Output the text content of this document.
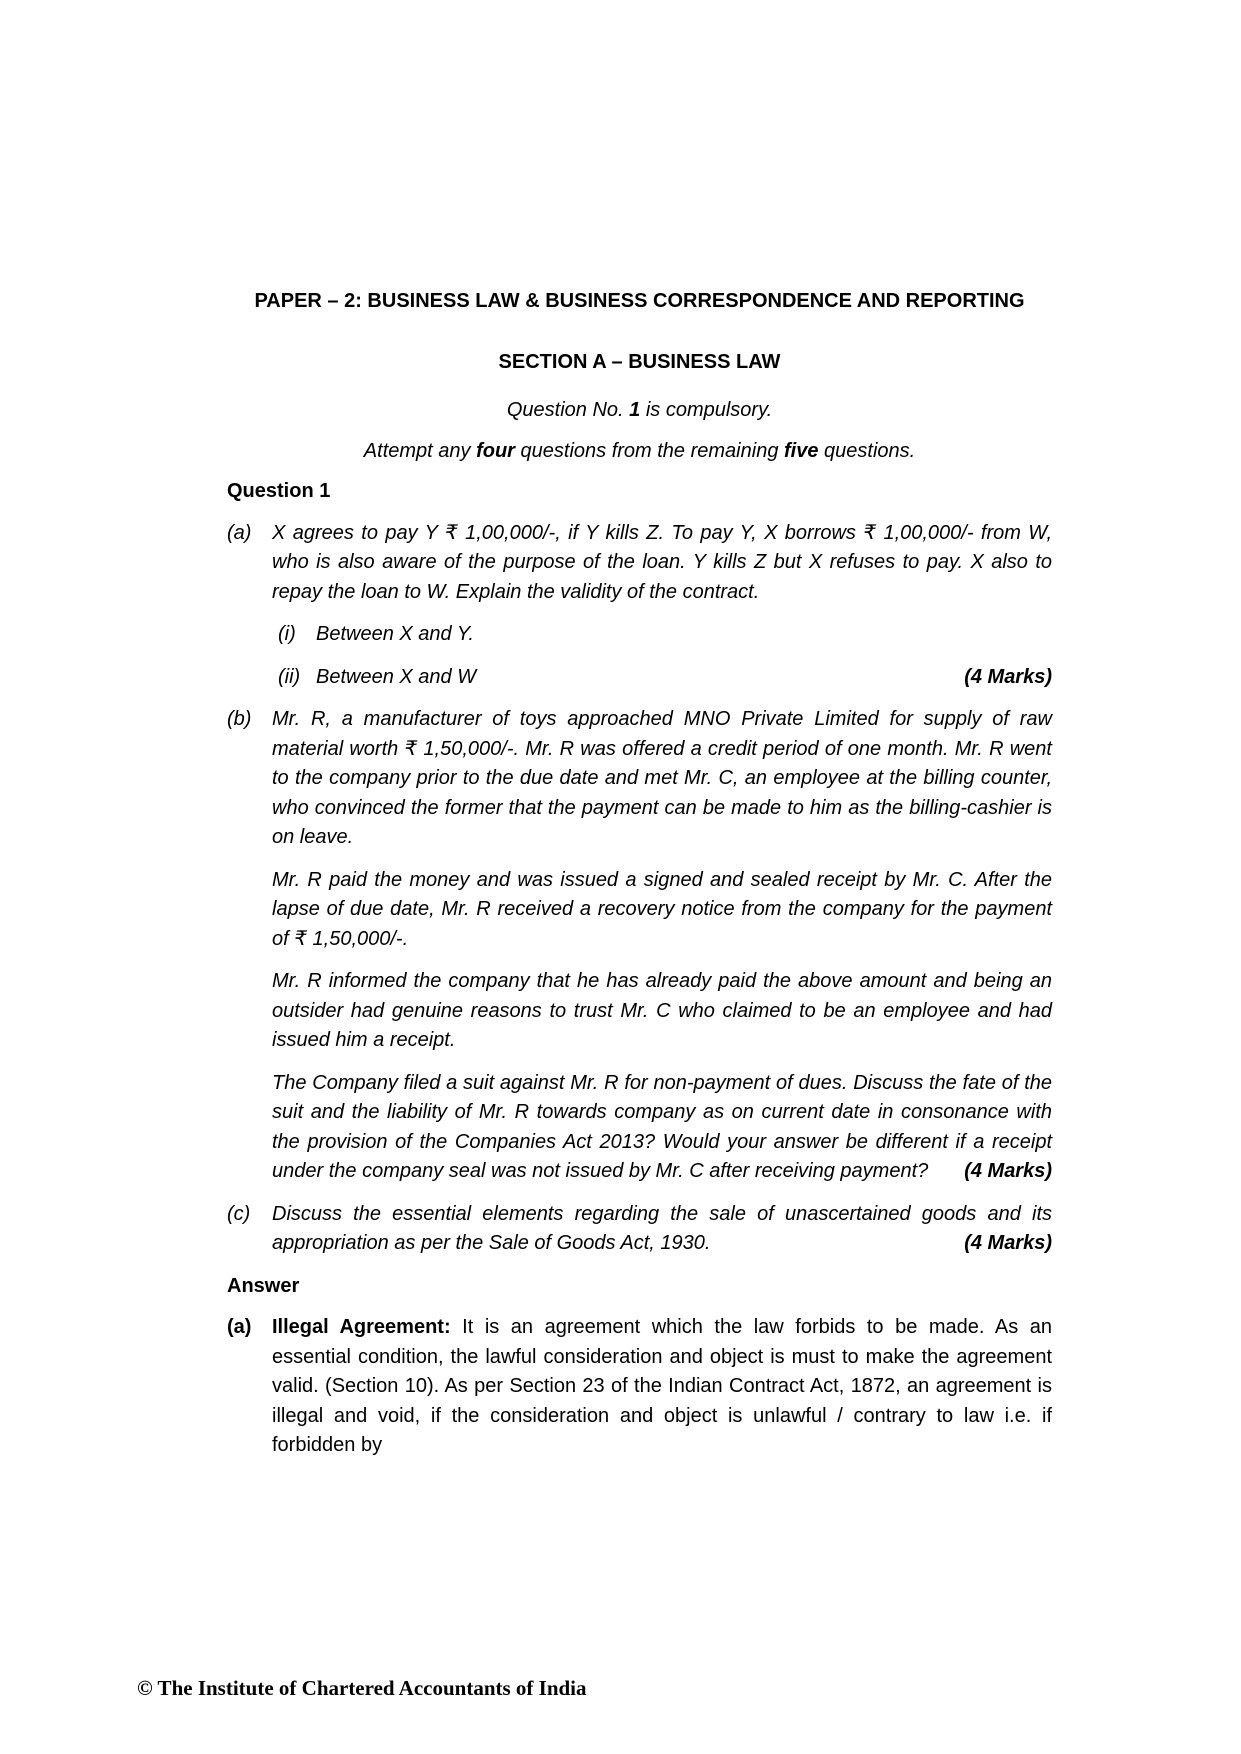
PAPER – 2: BUSINESS LAW & BUSINESS CORRESPONDENCE AND REPORTING
SECTION A – BUSINESS LAW
Question No. 1 is compulsory.
Attempt any four questions from the remaining five questions.
Question 1
(a) X agrees to pay Y ₹ 1,00,000/-, if Y kills Z. To pay Y, X borrows ₹ 1,00,000/- from W, who is also aware of the purpose of the loan. Y kills Z but X refuses to pay. X also to repay the loan to W. Explain the validity of the contract.
(i) Between X and Y.
(ii) Between X and W	(4 Marks)
(b) Mr. R, a manufacturer of toys approached MNO Private Limited for supply of raw material worth ₹ 1,50,000/-. Mr. R was offered a credit period of one month. Mr. R went to the company prior to the due date and met Mr. C, an employee at the billing counter, who convinced the former that the payment can be made to him as the billing-cashier is on leave.
Mr. R paid the money and was issued a signed and sealed receipt by Mr. C. After the lapse of due date, Mr. R received a recovery notice from the company for the payment of ₹ 1,50,000/-.
Mr. R informed the company that he has already paid the above amount and being an outsider had genuine reasons to trust Mr. C who claimed to be an employee and had issued him a receipt.
The Company filed a suit against Mr. R for non-payment of dues. Discuss the fate of the suit and the liability of Mr. R towards company as on current date in consonance with the provision of the Companies Act 2013? Would your answer be different if a receipt under the company seal was not issued by Mr. C after receiving payment? (4 Marks)
(c) Discuss the essential elements regarding the sale of unascertained goods and its appropriation as per the Sale of Goods Act, 1930.	(4 Marks)
Answer
(a) Illegal Agreement: It is an agreement which the law forbids to be made. As an essential condition, the lawful consideration and object is must to make the agreement valid. (Section 10). As per Section 23 of the Indian Contract Act, 1872, an agreement is illegal and void, if the consideration and object is unlawful / contrary to law i.e. if forbidden by
© The Institute of Chartered Accountants of India
